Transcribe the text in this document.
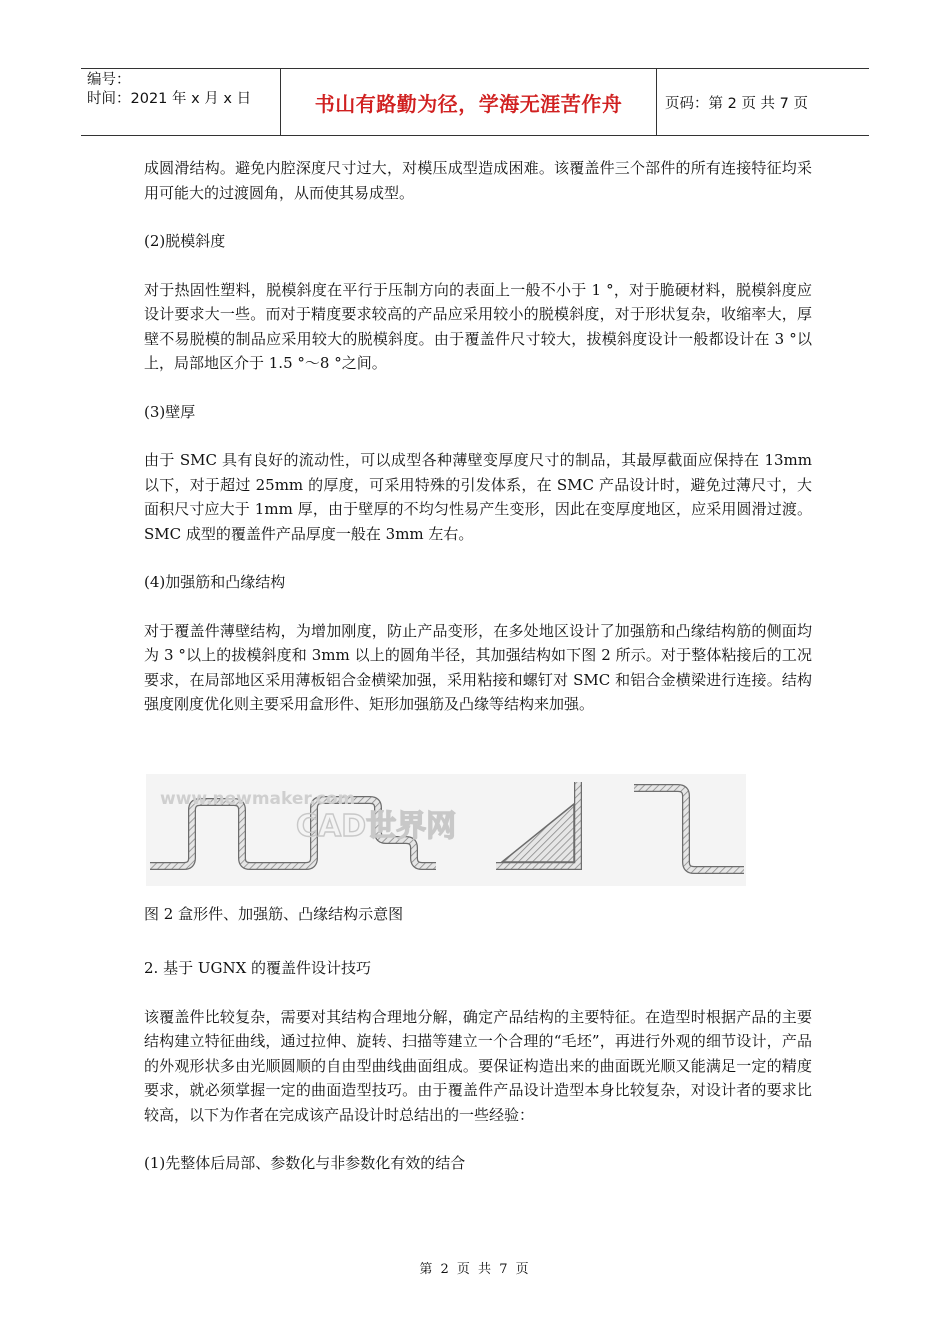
编号：
时间：2021 年 x 月 x 日	书山有路勤为径，学海无涯苦作舟	页码：第 2 页 共 7 页

成圆滑结构。避免内腔深度尺寸过大，对模压成型造成困难。该覆盖件三个部件的所有连接特征均采用可能大的过渡圆角，从而使其易成型。

(2)脱模斜度

对于热固性塑料，脱模斜度在平行于压制方向的表面上一般不小于 1 °，对于脆硬材料，脱模斜度应设计要求大一些。而对于精度要求较高的产品应采用较小的脱模斜度，对于形状复杂，收缩率大，厚壁不易脱模的制品应采用较大的脱模斜度。由于覆盖件尺寸较大，拔模斜度设计一般都设计在 3 °以上，局部地区介于 1.5 °～8 °之间。

(3)壁厚

由于 SMC 具有良好的流动性，可以成型各种薄壁变厚度尺寸的制品，其最厚截面应保持在 13mm 以下，对于超过 25mm 的厚度，可采用特殊的引发体系，在 SMC 产品设计时，避免过薄尺寸，大面积尺寸应大于 1mm 厚，由于壁厚的不均匀性易产生变形，因此在变厚度地区，应采用圆滑过渡。SMC 成型的覆盖件产品厚度一般在 3mm 左右。

(4)加强筋和凸缘结构

对于覆盖件薄壁结构，为增加刚度，防止产品变形，在多处地区设计了加强筋和凸缘结构筋的侧面均为 3 °以上的拔模斜度和 3mm 以上的圆角半径，其加强结构如下图 2 所示。对于整体粘接后的工况要求，在局部地区采用薄板铝合金横梁加强，采用粘接和螺钉对 SMC 和铝合金横梁进行连接。结构强度刚度优化则主要采用盒形件、矩形加强筋及凸缘等结构来加强。

www.newmaker.com
CAD世界网
图 2 盒形件、加强筋、凸缘结构示意图

2. 基于 UGNX 的覆盖件设计技巧

该覆盖件比较复杂，需要对其结构合理地分解，确定产品结构的主要特征。在造型时根据产品的主要结构建立特征曲线，通过拉伸、旋转、扫描等建立一个合理的“毛坯”，再进行外观的细节设计，产品的外观形状多由光顺圆顺的自由型曲线曲面组成。要保证构造出来的曲面既光顺又能满足一定的精度要求，就必须掌握一定的曲面造型技巧。由于覆盖件产品设计造型本身比较复杂，对设计者的要求比较高，以下为作者在完成该产品设计时总结出的一些经验：

(1)先整体后局部、参数化与非参数化有效的结合

第 2 页 共 7 页
